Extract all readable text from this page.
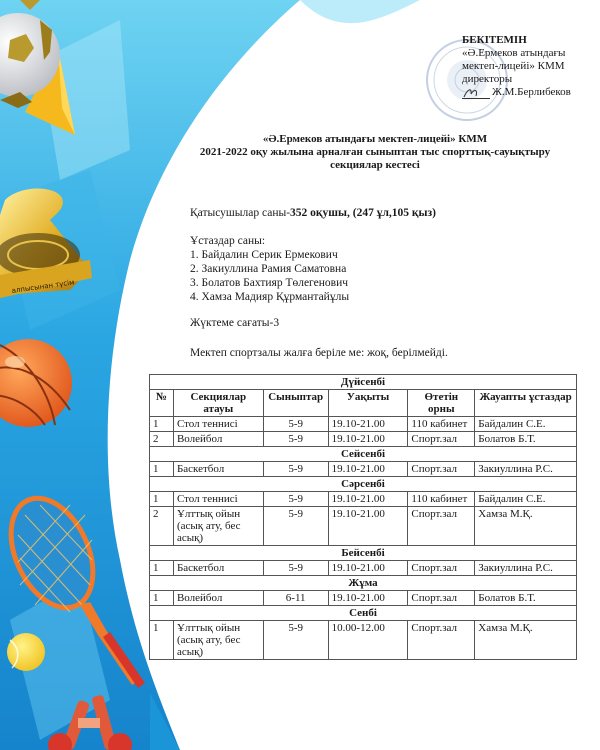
алпысынан түсім
БЕКІТЕМІН
«Ә.Ермеков атындағы
мектеп-лицейі» КММ
директоры
Ж.М.Берлибеков
«Ә.Ермеков атындағы мектеп-лицейі» КММ
2021-2022 оқу жылына арналған сыныптан тыс спорттық-сауықтыру
секциялар кестесі
Қатысушылар саны-352 оқушы, (247 ұл,105 қыз)
Ұстаздар саны:
1. Байдалин Серик Ермекович
2. Закиуллина Рамия Саматовна
3. Болатов Бахтияр Төлегенович
4. Хамза Мадияр Құрмантайұлы
Жүктеме сағаты-3
Мектеп спортзалы жалға беріле ме: жоқ, берілмейді.
Дүйсенбі					
№	Секциялар атауы	Сыныптар	Уақыты	Өтетін орны	Жауапты ұстаздар
1	Стол теннисі	5-9	19.10-21.00	110 кабинет	Байдалин С.Е.
2	Волейбол	5-9	19.10-21.00	Спорт.зал	Болатов Б.Т.
Сейсенбі					
1	Баскетбол	5-9	19.10-21.00	Спорт.зал	Закиуллина Р.С.
Сәрсенбі					
1	Стол теннисі	5-9	19.10-21.00	110 кабинет	Байдалин С.Е.
2	Ұлттық ойын (асық ату, бес асық)	5-9	19.10-21.00	Спорт.зал	Хамза М.Қ.
Бейсенбі					
1	Баскетбол	5-9	19.10-21.00	Спорт.зал	Закиуллина Р.С.
Жұма					
1	Волейбол	6-11	19.10-21.00	Спорт.зал	Болатов Б.Т.
Сенбі					
1	Ұлттық ойын (асық ату, бес асық)	5-9	10.00-12.00	Спорт.зал	Хамза М.Қ.
